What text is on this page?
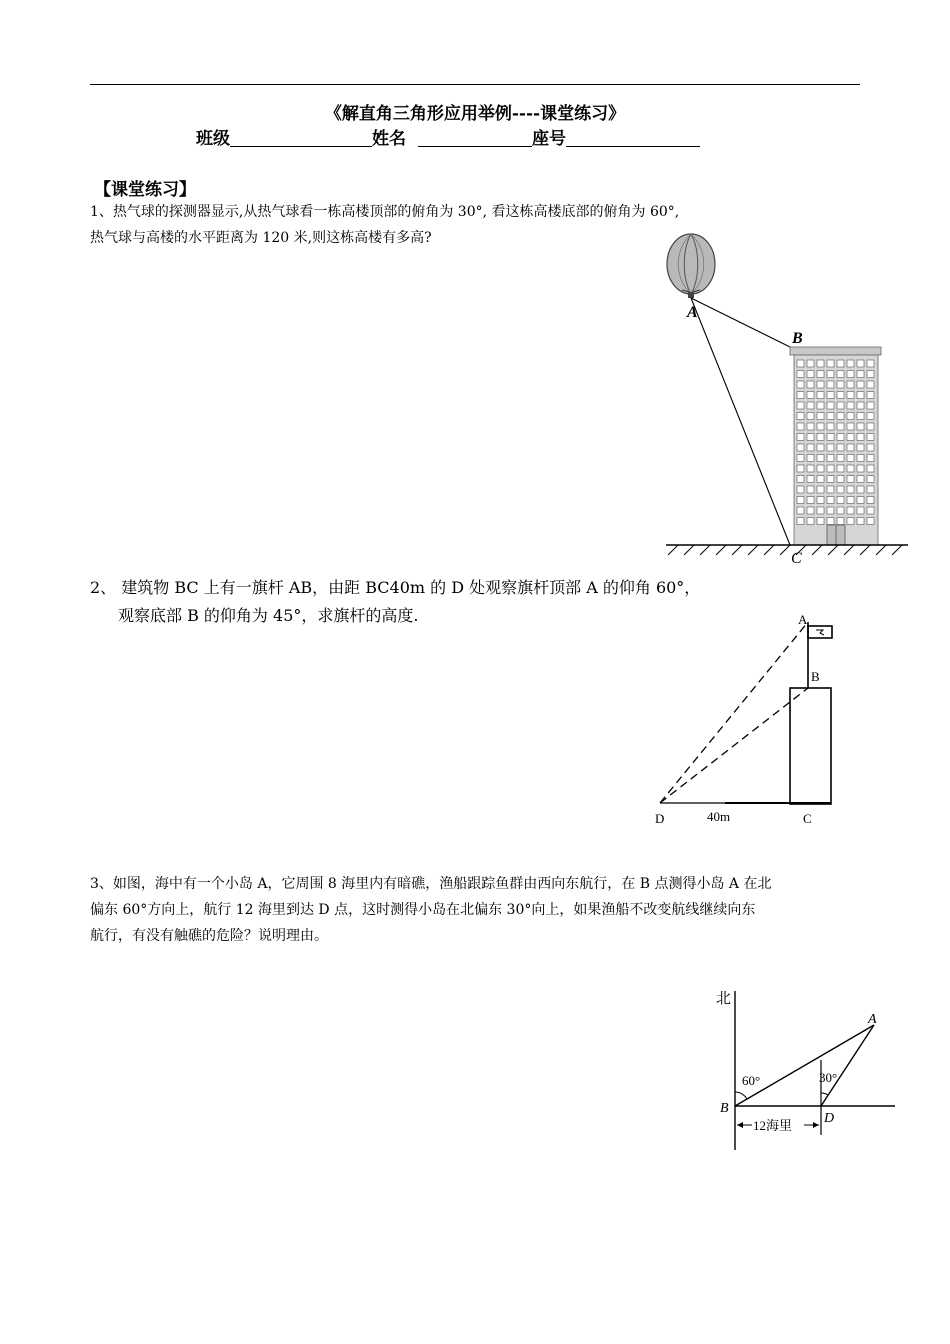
《解直角三角形应用举例----课堂练习》
班级	姓名	座号
【课堂练习】
1、热气球的探测器显示,从热气球看一栋高楼顶部的俯角为 30°, 看这栋高楼底部的俯角为 60°,
热气球与高楼的水平距离为 120 米,则这栋高楼有多高?
A
B
C
2、 建筑物 BC 上有一旗杆 AB，由距 BC40m 的 D 处观察旗杆顶部 A 的仰角 60°，
观察底部 B 的仰角为 45°，求旗杆的高度.	A
B
C
D	40m
3、如图，海中有一个小岛 A，它周围 8 海里内有暗礁，渔船跟踪鱼群由西向东航行，在 B 点测得小岛 A 在北
偏东 60°方向上，航行 12 海里到达 D 点，这时测得小岛在北偏东 30°向上，如果渔船不改变航线继续向东
航行，有没有触礁的危险？说明理由。
北
A
B
D
60°	30°
12海里
